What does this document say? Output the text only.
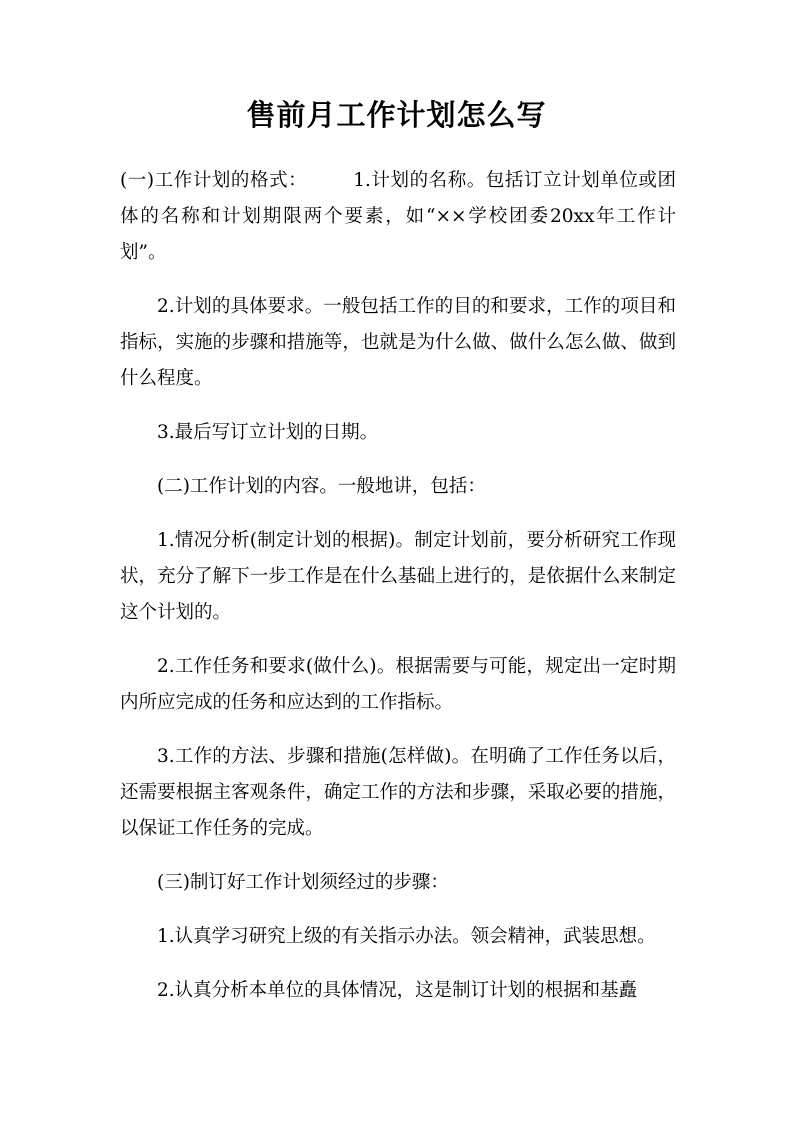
售前月工作计划怎么写

(一)工作计划的格式： 1.计划的名称。包括订立计划单位或团体的名称和计划期限两个要素，如“××学校团委20xx年工作计划”。

2.计划的具体要求。一般包括工作的目的和要求，工作的项目和指标，实施的步骤和措施等，也就是为什么做、做什么怎么做、做到什么程度。

3.最后写订立计划的日期。

(二)工作计划的内容。一般地讲，包括：

1.情况分析(制定计划的根据)。制定计划前，要分析研究工作现状，充分了解下一步工作是在什么基础上进行的，是依据什么来制定这个计划的。

2.工作任务和要求(做什么)。根据需要与可能，规定出一定时期内所应完成的任务和应达到的工作指标。

3.工作的方法、步骤和措施(怎样做)。在明确了工作任务以后，还需要根据主客观条件，确定工作的方法和步骤，采取必要的措施，以保证工作任务的完成。

(三)制订好工作计划须经过的步骤：

1.认真学习研究上级的有关指示办法。领会精神，武装思想。

2.认真分析本单位的具体情况，这是制订计划的根据和基矗
